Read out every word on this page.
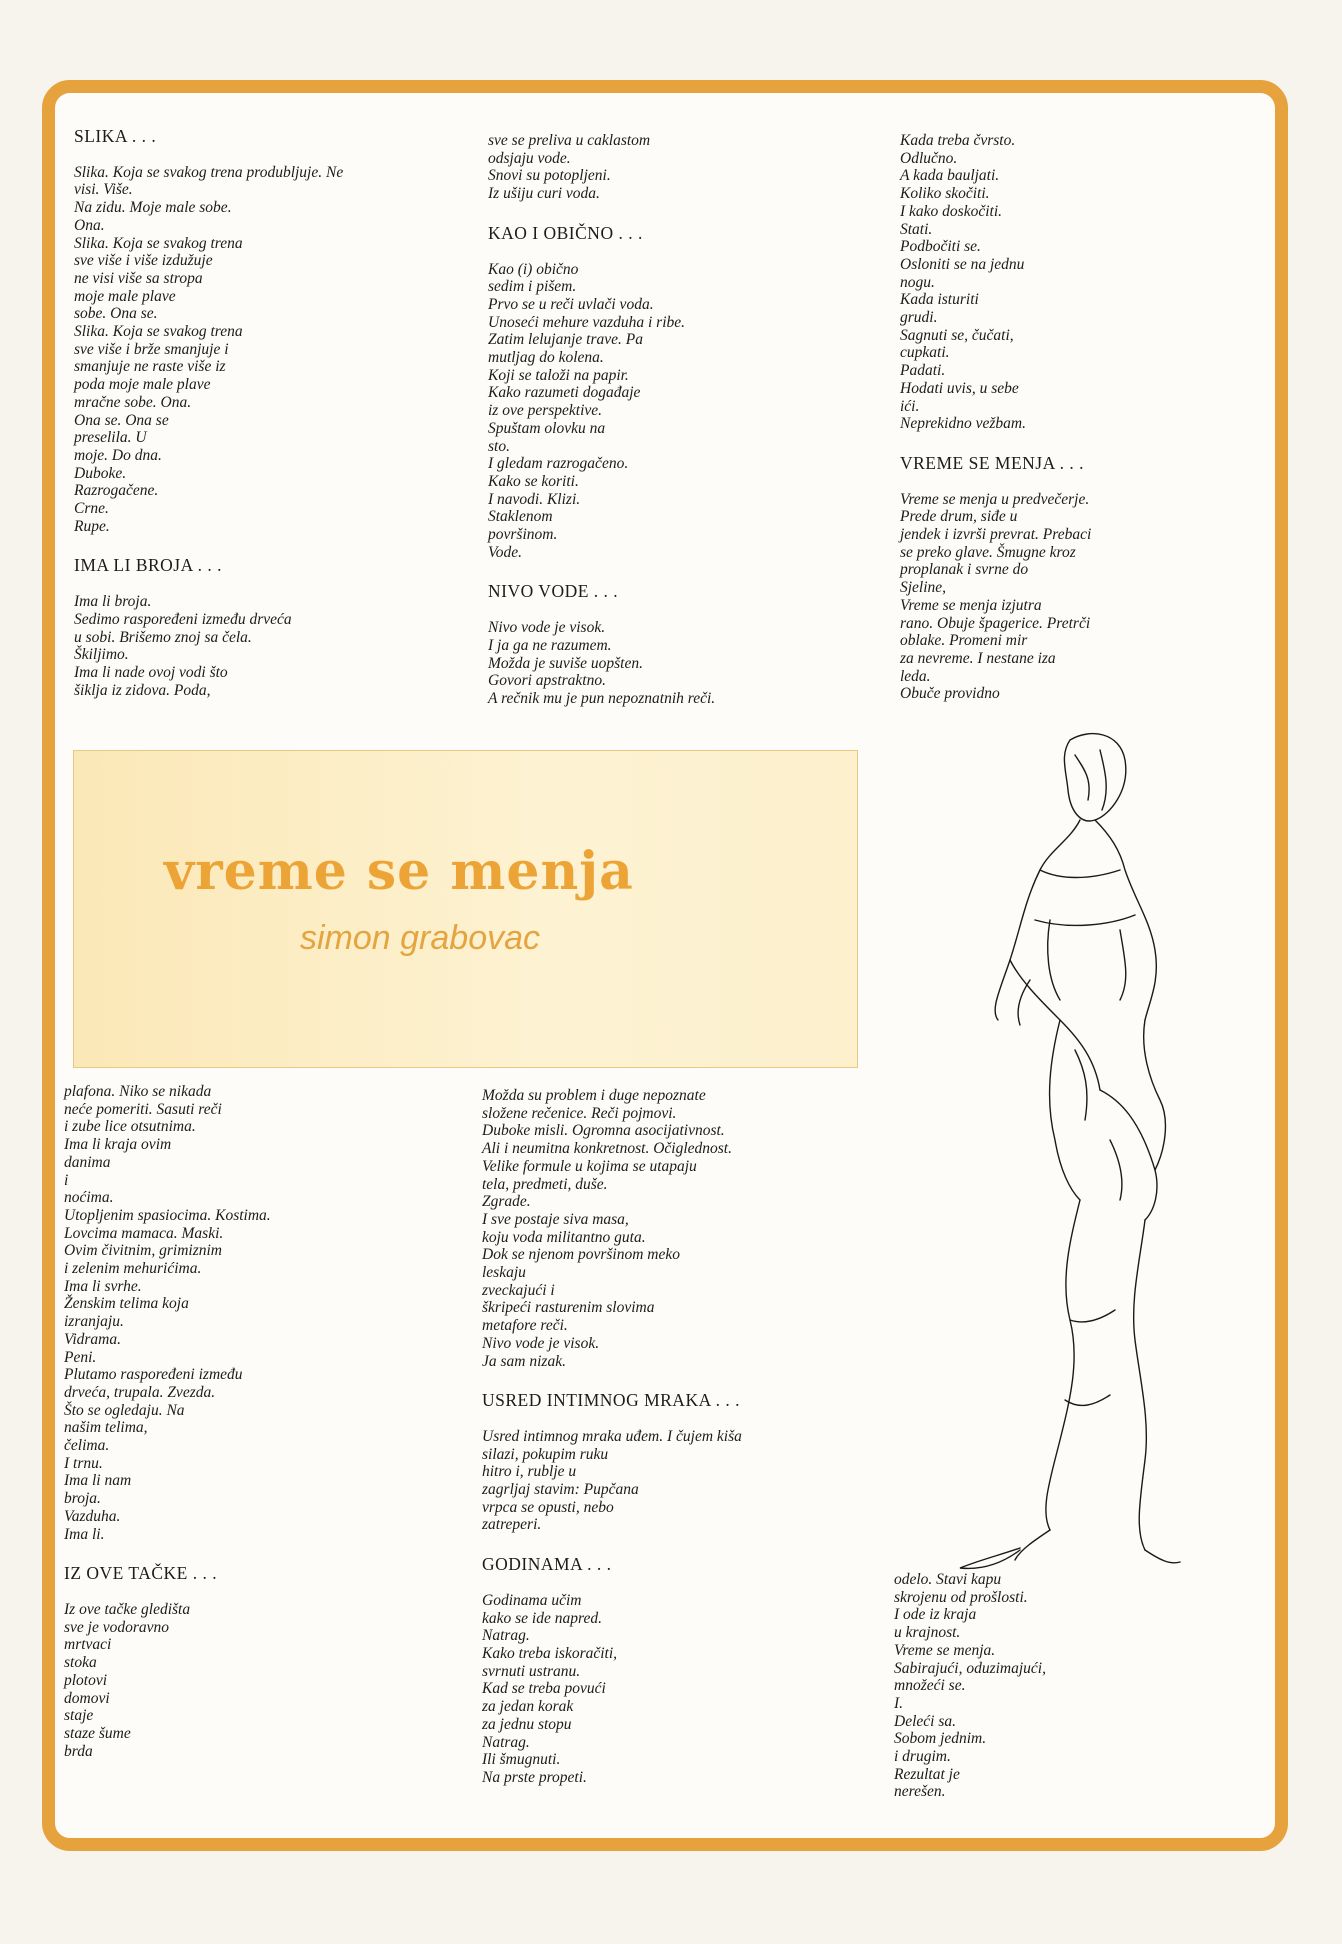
SLIKA . . .
Slika. Koja se svakog trena produbljuje. Ne
visi. Više.
Na zidu. Moje male sobe.
Ona.
Slika. Koja se svakog trena
sve više i više izdužuje
ne visi više sa stropa
moje male plave
sobe. Ona se.
Slika. Koja se svakog trena
sve više i brže smanjuje i
smanjuje ne raste više iz
poda moje male plave
mračne sobe. Ona.
Ona se. Ona se
preselila. U
moje. Do dna.
Duboke.
Razrogačene.
Crne.
Rupe.
IMA LI BROJA . . .
Ima li broja.
Sedimo raspoređeni između drveća
u sobi. Brišemo znoj sa čela.
Škiljimo.
Ima li nade ovoj vodi što
šiklja iz zidova. Poda,
sve se preliva u caklastom
odsjaju vode.
Snovi su potopljeni.
Iz ušiju curi voda.
KAO I OBIČNO . . .
Kao (i) obično
sedim i pišem.
Prvo se u reči uvlači voda.
Unoseći mehure vazduha i ribe.
Zatim lelujanje trave. Pa
mutljag do kolena.
Koji se taloži na papir.
Kako razumeti događaje
iz ove perspektive.
Spuštam olovku na
sto.
I gledam razrogačeno.
Kako se koriti.
I navodi. Klizi.
Staklenom
površinom.
Vode.
NIVO VODE . . .
Nivo vode je visok.
I ja ga ne razumem.
Možda je suviše uopšten.
Govori apstraktno.
A rečnik mu je pun nepoznatnih reči.
Kada treba čvrsto.
Odlučno.
A kada bauljati.
Koliko skočiti.
I kako doskočiti.
Stati.
Podbočiti se.
Osloniti se na jednu
nogu.
Kada isturiti
grudi.
Sagnuti se, čučati,
cupkati.
Padati.
Hodati uvis, u sebe
ići.
Neprekidno vežbam.
VREME SE MENJA . . .
Vreme se menja u predvečerje.
Prede drum, siđe u
jendek i izvrši prevrat. Prebaci
se preko glave. Šmugne kroz
proplanak i svrne do
Sjeline,
Vreme se menja izjutra
rano. Obuje špagerice. Pretrči
oblake. Promeni mir
za nevreme. I nestane iza
leda.
Obuče providno
vreme se menja
simon grabovac
plafona. Niko se nikada
neće pomeriti. Sasuti reči
i zube lice otsutnima.
Ima li kraja ovim
danima
i
noćima.
Utopljenim spasiocima. Kostima.
Lovcima mamaca. Maski.
Ovim čivitnim, grimiznim
i zelenim mehurićima.
Ima li svrhe.
Ženskim telima koja
izranjaju.
Vidrama.
Peni.
Plutamo raspoređeni između
drveća, trupala. Zvezda.
Što se ogledaju. Na
našim telima,
čelima.
I trnu.
Ima li nam
broja.
Vazduha.
Ima li.
IZ OVE TAČKE . . .
Iz ove tačke gledišta
sve je vodoravno
mrtvaci
stoka
plotovi
domovi
staje
staze šume
brda
Možda su problem i duge nepoznate
složene rečenice. Reči pojmovi.
Duboke misli. Ogromna asocijativnost.
Ali i neumitna konkretnost. Očiglednost.
Velike formule u kojima se utapaju
tela, predmeti, duše.
Zgrade.
I sve postaje siva masa,
koju voda militantno guta.
Dok se njenom površinom meko
leskaju
zveckajući i
škripeći rasturenim slovima
metafore reči.
Nivo vode je visok.
Ja sam nizak.
USRED INTIMNOG MRAKA . . .
Usred intimnog mraka uđem. I čujem kiša
silazi, pokupim ruku
hitro i, rublje u
zagrljaj stavim: Pupčana
vrpca se opusti, nebo
zatreperi.
GODINAMA . . .
Godinama učim
kako se ide napred.
Natrag.
Kako treba iskoračiti,
svrnuti ustranu.
Kad se treba povući
za jedan korak
za jednu stopu
Natrag.
Ili šmugnuti.
Na prste propeti.
odelo. Stavi kapu
skrojenu od prošlosti.
I ode iz kraja
u krajnost.
Vreme se menja.
Sabirajući, oduzimajući,
množeći se.
I.
Deleći sa.
Sobom jednim.
i drugim.
Rezultat je
nerešen.
